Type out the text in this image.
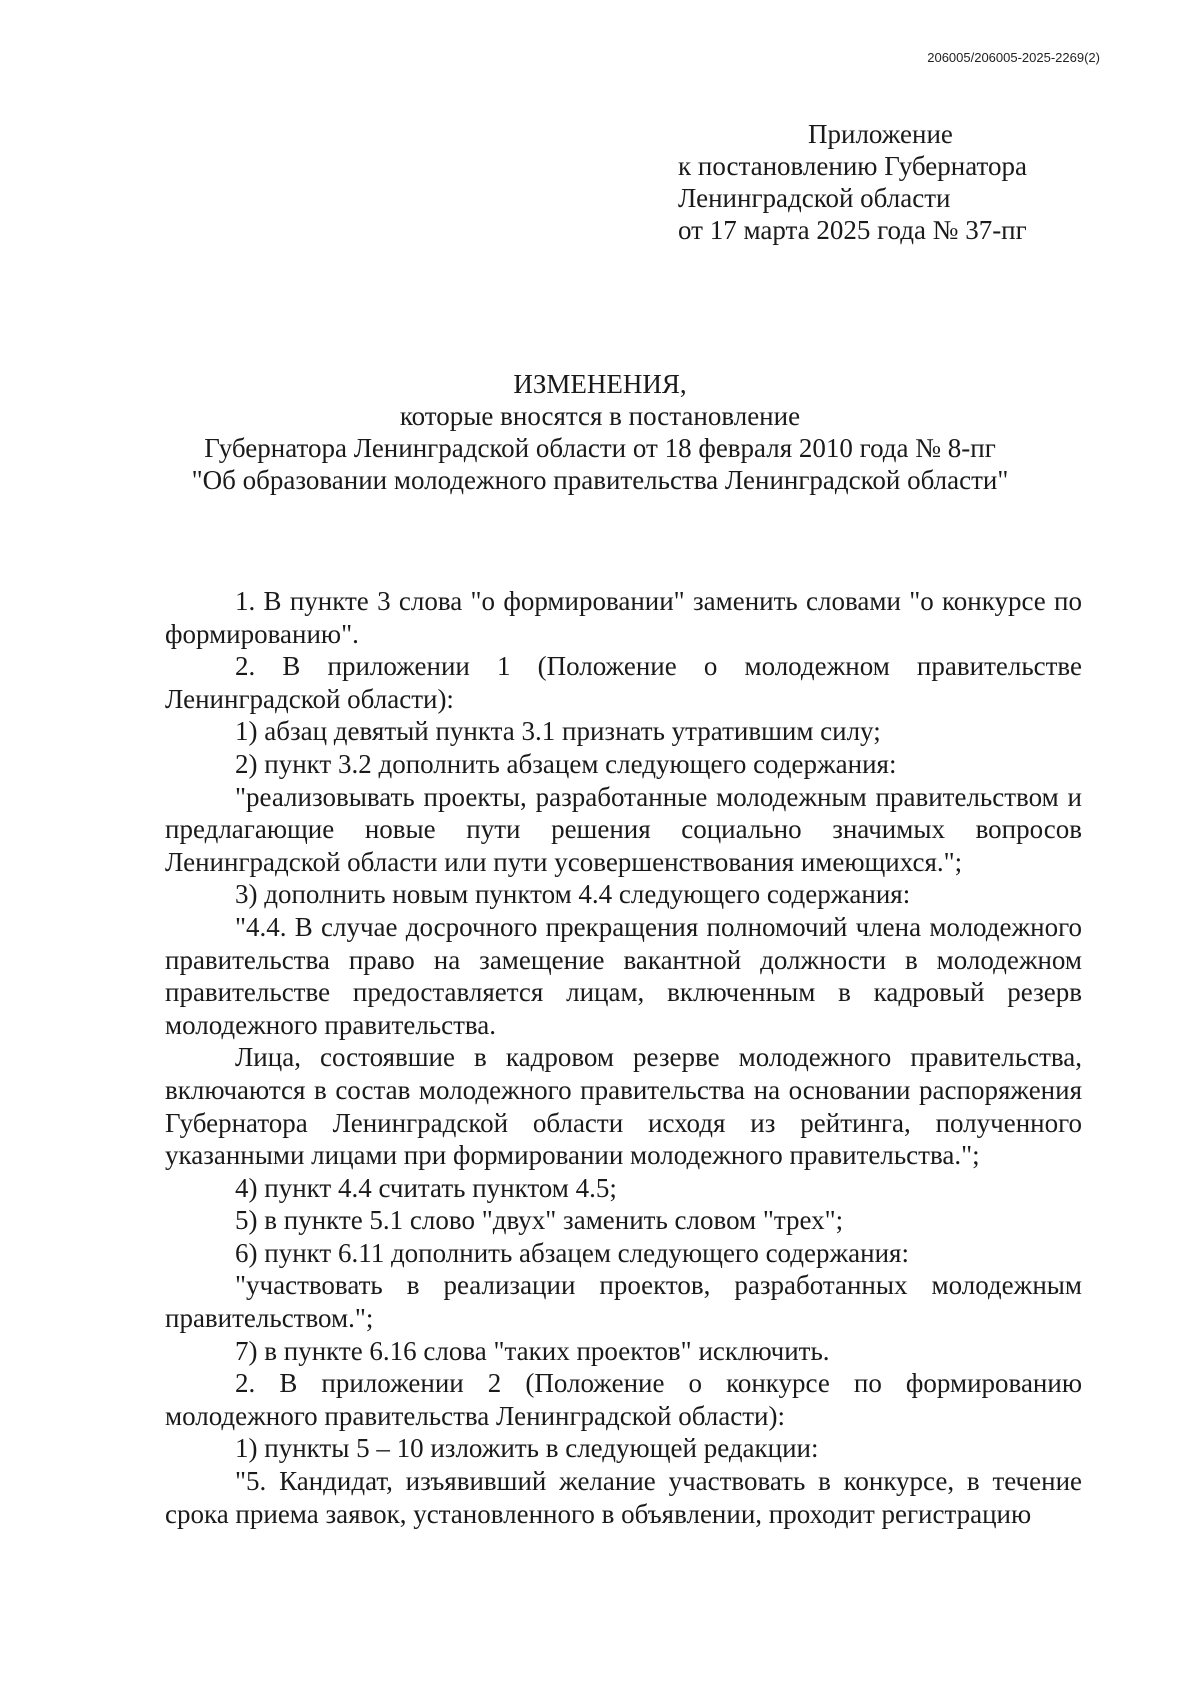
206005/206005-2025-2269(2)
Приложение
к постановлению Губернатора
Ленинградской области
от 17 марта 2025 года № 37-пг
ИЗМЕНЕНИЯ,
которые вносятся в постановление
Губернатора Ленинградской области от 18 февраля 2010 года № 8-пг
"Об образовании молодежного правительства Ленинградской области"

1. В пункте 3 слова "о формировании" заменить словами "о конкурсе по формированию".

2. В приложении 1 (Положение о молодежном правительстве Ленинградской области):

1) абзац девятый пункта 3.1 признать утратившим силу;

2) пункт 3.2 дополнить абзацем следующего содержания:

"реализовывать проекты, разработанные молодежным правительством и предлагающие новые пути решения социально значимых вопросов Ленинградской области или пути усовершенствования имеющихся.";

3) дополнить новым пунктом 4.4 следующего содержания:

"4.4. В случае досрочного прекращения полномочий члена молодежного правительства право на замещение вакантной должности в молодежном правительстве предоставляется лицам, включенным в кадровый резерв молодежного правительства.

Лица, состоявшие в кадровом резерве молодежного правительства, включаются в состав молодежного правительства на основании распоряжения Губернатора Ленинградской области исходя из рейтинга, полученного указанными лицами при формировании молодежного правительства.";

4) пункт 4.4 считать пунктом 4.5;

5) в пункте 5.1 слово "двух" заменить словом "трех";

6) пункт 6.11 дополнить абзацем следующего содержания:

"участвовать в реализации проектов, разработанных молодежным правительством.";

7) в пункте 6.16 слова "таких проектов" исключить.

2. В приложении 2 (Положение о конкурсе по формированию молодежного правительства Ленинградской области):

1) пункты 5 – 10 изложить в следующей редакции:

"5. Кандидат, изъявивший желание участвовать в конкурсе, в течение срока приема заявок, установленного в объявлении, проходит регистрацию
